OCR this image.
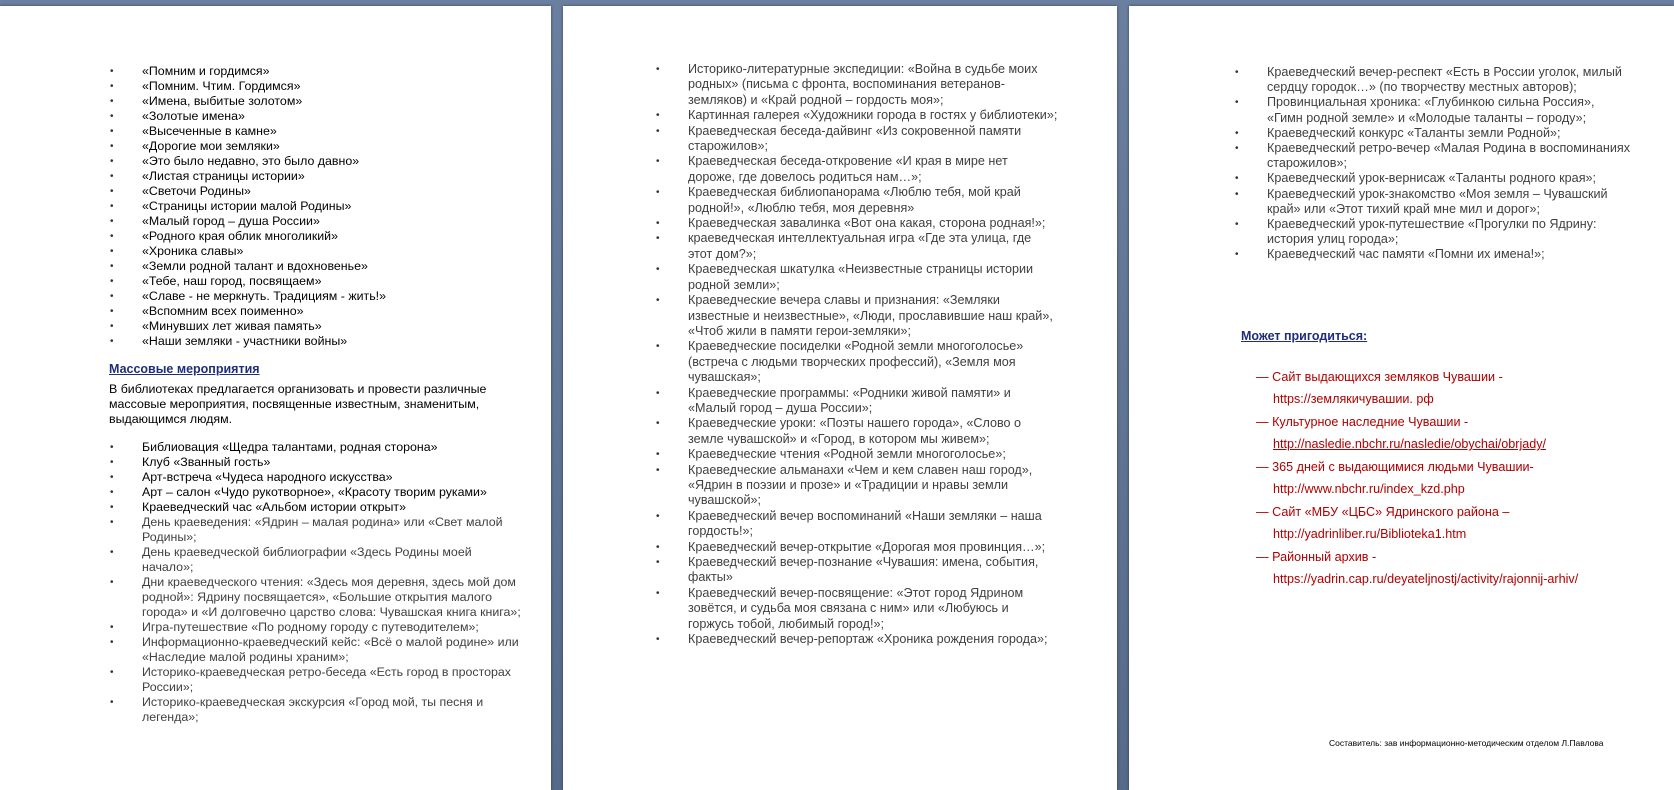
• «Помним и гордимся»
• «Помним. Чтим. Гордимся»
• «Имена, выбитые золотом»
• «Золотые имена»
• «Высеченные в камне»
• «Дорогие мои земляки»
• «Это было недавно, это было давно»
• «Листая страницы истории»
• «Светочи Родины»
• «Страницы истории малой Родины»
• «Малый город – душа России»
• «Родного края облик многоликий»
• «Хроника славы»
• «Земли родной талант и вдохновенье»
• «Тебе, наш город, посвящаем»
• «Славе - не меркнуть. Традициям - жить!»
• «Вспомним всех поименно»
• «Минувших лет живая память»
• «Наши земляки - участники войны»
Массовые мероприятия
В библиотеках предлагается организовать и провести различные массовые мероприятия, посвященные известным, знаменитым, выдающимся людям.
• Библиовация «Щедра талантами, родная сторона»
• Клуб «Званный гость»
• Арт-встреча «Чудеса народного искусства»
• Арт – салон «Чудо рукотворное», «Красоту творим руками»
• Краеведческий час «Альбом истории открыт»
• День краеведения: «Ядрин – малая родина» или «Свет малой Родины»;
• День краеведческой библиографии «Здесь Родины моей начало»;
• Дни краеведческого чтения: «Здесь моя деревня, здесь мой дом родной»: Ядрину посвящается», «Большие открытия малого города» и «И долговечно царство слова: Чувашская книга книга»;
• Игра-путешествие «По родному городу с путеводителем»;
• Информационно-краеведческий кейс: «Всё о малой родине» или «Наследие малой родины храним»;
• Историко-краеведческая ретро-беседа «Есть город в просторах России»;
• Историко-краеведческая экскурсия «Город мой, ты песня и легенда»;
• Историко-литературные экспедиции: «Война в судьбе моих родных» (письма с фронта, воспоминания ветеранов-земляков) и «Край родной – гордость моя»;
• Картинная галерея «Художники города в гостях у библиотеки»;
• Краеведческая беседа-дайвинг «Из сокровенной памяти старожилов»;
• Краеведческая беседа-откровение «И края в мире нет дороже, где довелось родиться нам…»;
• Краеведческая библиопанорама «Люблю тебя, мой край родной!», «Люблю тебя, моя деревня»
• Краеведческая завалинка «Вот она какая, сторона родная!»;
• краеведческая интеллектуальная игра «Где эта улица, где этот дом?»;
• Краеведческая шкатулка «Неизвестные страницы истории родной земли»;
• Краеведческие вечера славы и признания: «Земляки известные и неизвестные», «Люди, прославившие наш край», «Чтоб жили в памяти герои-земляки»;
• Краеведческие посиделки «Родной земли многоголосье» (встреча с людьми творческих профессий), «Земля моя чувашская»;
• Краеведческие программы: «Родники живой памяти» и «Малый город – душа России»;
• Краеведческие уроки: «Поэты нашего города», «Слово о земле чувашской» и «Город, в котором мы живем»;
• Краеведческие чтения «Родной земли многоголосье»;
• Краеведческие альманахи «Чем и кем славен наш город», «Ядрин в поэзии и прозе» и «Традиции и нравы земли чувашской»;
• Краеведческий вечер воспоминаний «Наши земляки – наша гордость!»;
• Краеведческий вечер-открытие «Дорогая моя провинция…»;
• Краеведческий вечер-познание «Чувашия: имена, события, факты»
• Краеведческий вечер-посвящение: «Этот город Ядрином зовётся, и судьба моя связана с ним» или «Любуюсь и горжусь тобой, любимый город!»;
• Краеведческий вечер-репортаж «Хроника рождения города»;
• Краеведческий вечер-респект «Есть в России уголок, милый сердцу городок…» (по творчеству местных авторов);
• Провинциальная хроника: «Глубинкою сильна Россия», «Гимн родной земле» и «Молодые таланты – городу»;
• Краеведческий конкурс «Таланты земли Родной»;
• Краеведческий ретро-вечер «Малая Родина в воспоминаниях старожилов»;
• Краеведческий урок-вернисаж «Таланты родного края»;
• Краеведческий урок-знакомство «Моя земля – Чувашский край» или «Этот тихий край мне мил и дорог»;
• Краеведческий урок-путешествие «Прогулки по Ядрину: история улиц города»;
• Краеведческий час памяти «Помни их имена!»;
Может пригодиться:
— Сайт выдающихся земляков Чувашии -
https://землякичувашии. рф
— Культурное наследние Чувашии -
http://nasledie.nbchr.ru/nasledie/obychai/obrjady/
— 365 дней с выдающимися людьми Чувашии-
http://www.nbchr.ru/index_kzd.php
— Сайт «МБУ «ЦБС» Ядринского района –
http://yadrinliber.ru/Biblioteka1.htm
— Районный архив -
https://yadrin.cap.ru/deyateljnostj/activity/rajonnij-arhiv/
Составитель: зав информационно-методическим отделом Л.Павлова
